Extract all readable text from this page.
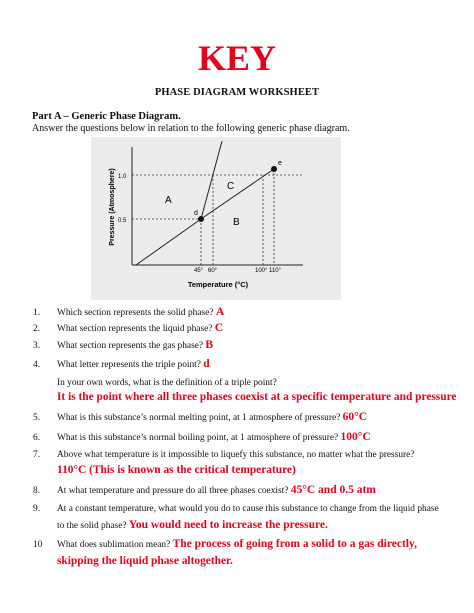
KEY
PHASE DIAGRAM WORKSHEET
Part A – Generic Phase Diagram.
Answer the questions below in relation to the following generic phase diagram.
d
e
A
B
C
1.0
0.5
45° 60°	100° 110°
Temperature (°C)
Pressure (Atmosphere)
1. Which section represents the solid phase? A
2. What section represents the liquid phase? C
3. What section represents the gas phase? B
4. What letter represents the triple point? d
In your own words, what is the definition of a triple point?
It is the point where all three phases coexist at a specific temperature and pressure
5. What is this substance’s normal melting point, at 1 atmosphere of pressure? 60°C
6. What is this substance’s normal boiling point, at 1 atmosphere of pressure? 100°C
7. Above what temperature is it impossible to liquefy this substance, no matter what the pressure?
110°C (This is known as the critical temperature)
8. At what temperature and pressure do all three phases coexist? 45°C and 0.5 atm
9. At a constant temperature, what would you do to cause this substance to change from the liquid phase
to the solid phase? You would need to increase the pressure.
10 What does sublimation mean? The process of going from a solid to a gas directly,
skipping the liquid phase altogether.
